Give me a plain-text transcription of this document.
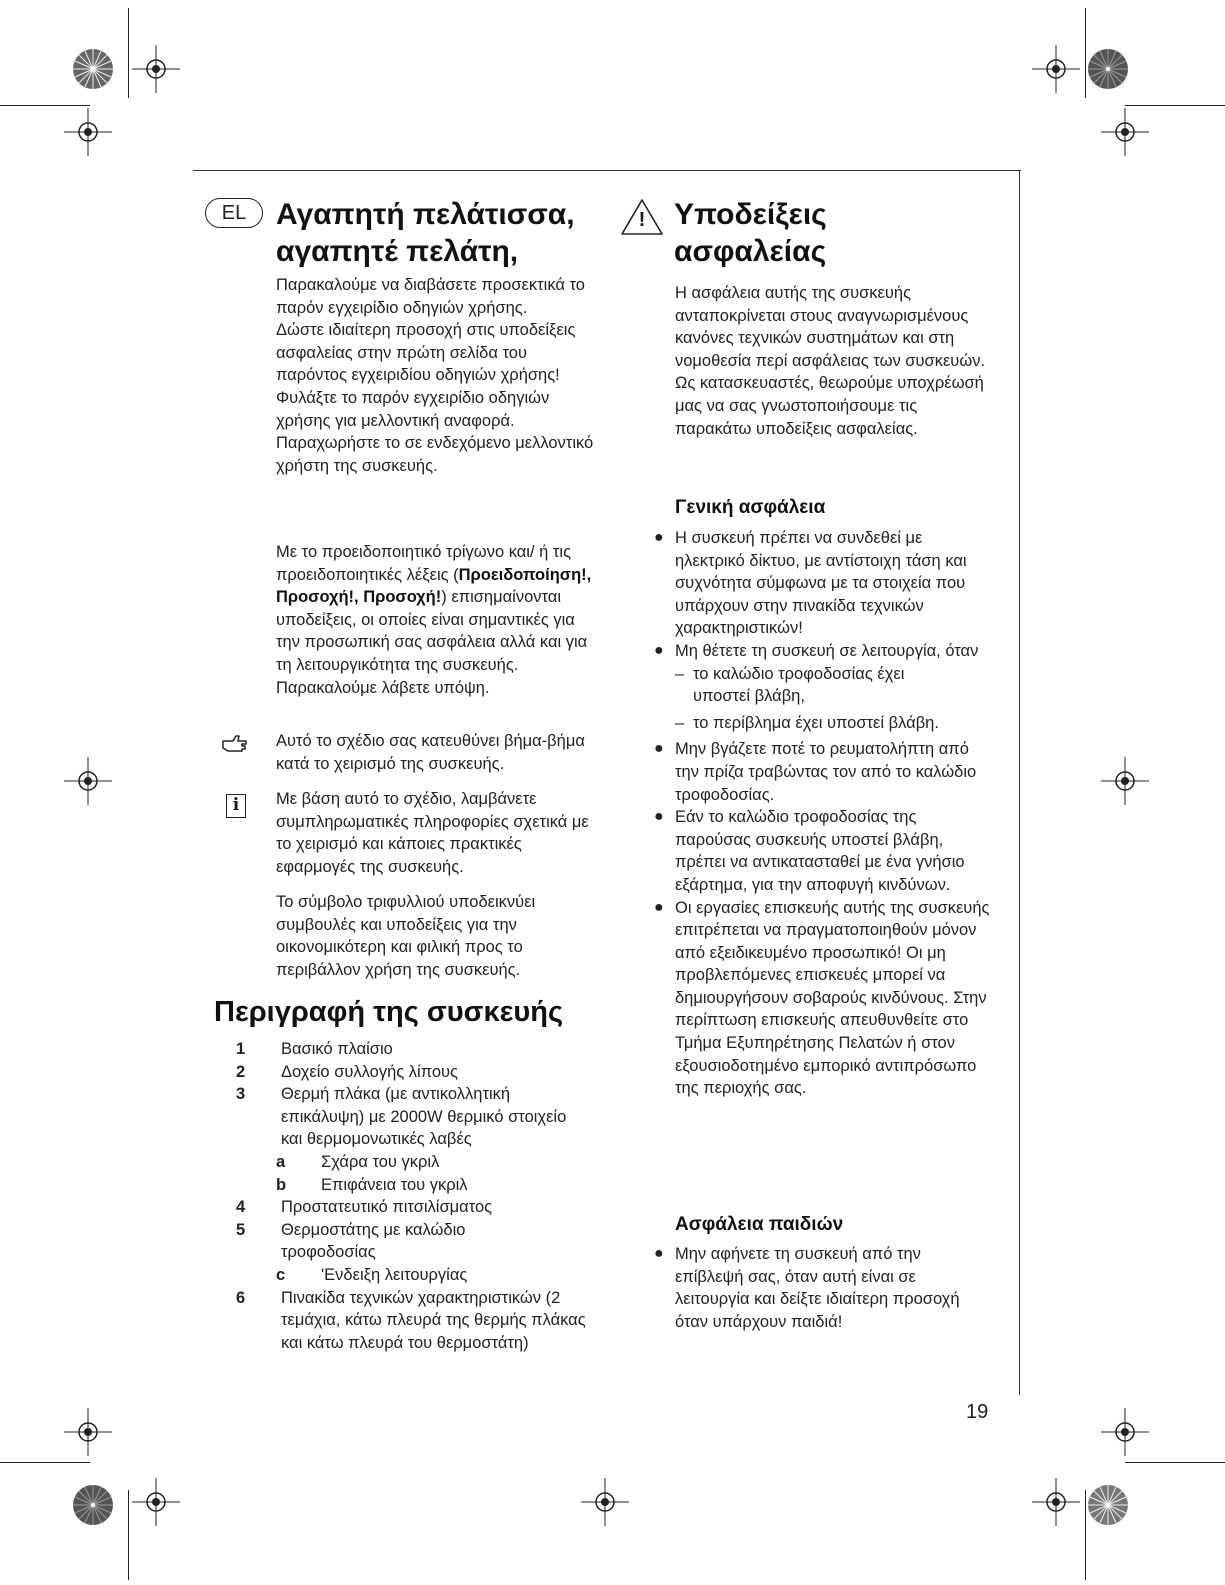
EL Αγαπητή πελάτισσα,
αγαπητέ πελάτη,

Παρακαλούμε να διαβάσετε προσεκτικά το παρόν εγχειρίδιο οδηγιών χρήσης.

Δώστε ιδιαίτερη προσοχή στις υποδείξεις ασφαλείας στην πρώτη σελίδα του παρόντος εγχειριδίου οδηγιών χρήσης! Φυλάξτε το παρόν εγχειρίδιο οδηγιών χρήσης για μελλοντική αναφορά. Παραχωρήστε το σε ενδεχόμενο μελλοντικό χρήστη της συσκευής.

Με το προειδοποιητικό τρίγωνο και/ ή τις προειδοποιητικές λέξεις (Προειδοποίηση!, Προσοχή!, Προσοχή!) επισημαίνονται υποδείξεις, οι οποίες είναι σημαντικές για την προσωπική σας ασφάλεια αλλά και για τη λειτουργικότητα της συσκευής. Παρακαλούμε λάβετε υπόψη.

Αυτό το σχέδιο σας κατευθύνει βήμα-βήμα κατά το χειρισμό της συσκευής.
i	Με βάση αυτό το σχέδιο, λαμβάνετε συμπληρωματικές πληροφορίες σχετικά με το χειρισμό και κάποιες πρακτικές εφαρμογές της συσκευής.
Το σύμβολο τριφυλλιού υποδεικνύει συμβουλές και υποδείξεις για την οικονομικότερη και φιλική προς το περιβάλλον χρήση της συσκευής.
Περιγραφή της συσκευής
1	Βασικό πλαίσιο
2	Δοχείο συλλογής λίπους
3	Θερμή πλάκα (με αντικολλητική επικάλυψη) με 2000W θερμικό στοιχείο και θερμομονωτικές λαβές
a	Σχάρα του γκριλ
b	Επιφάνεια του γκριλ
4	Προστατευτικό πιτσιλίσματος
5	Θερμοστάτης με καλώδιο τροφοδοσίας
c	'Ενδειξη λειτουργίας
6	Πινακίδα τεχνικών χαρακτηριστικών (2 τεμάχια, κάτω πλευρά της θερμής πλάκας και κάτω πλευρά του θερμοστάτη)
! Υποδείξεις
ασφαλείας
Η ασφάλεια αυτής της συσκευής ανταποκρίνεται στους αναγνωρισμένους κανόνες τεχνικών συστημάτων και στη νομοθεσία περί ασφάλειας των συσκευών. Ως κατασκευαστές, θεωρούμε υποχρέωσή μας να σας γνωστοποιήσουμε τις παρακάτω υποδείξεις ασφαλείας.
Γενική ασφάλεια
● Η συσκευή πρέπει να συνδεθεί με ηλεκτρικό δίκτυο, με αντίστοιχη τάση και συχνότητα σύμφωνα με τα στοιχεία που υπάρχουν στην πινακίδα τεχνικών χαρακτηριστικών!
● Μη θέτετε τη συσκευή σε λειτουργία, όταν
– το καλώδιο τροφοδοσίας έχει υποστεί βλάβη,
– το περίβλημα έχει υποστεί βλάβη.
● Μην βγάζετε ποτέ το ρευματολήπτη από την πρίζα τραβώντας τον από το καλώδιο τροφοδοσίας.
● Εάν το καλώδιο τροφοδοσίας της παρούσας συσκευής υποστεί βλάβη, πρέπει να αντικατασταθεί με ένα γνήσιο εξάρτημα, για την αποφυγή κινδύνων.
● Οι εργασίες επισκευής αυτής της συσκευής επιτρέπεται να πραγματοποιηθούν μόνον από εξειδικευμένο προσωπικό! Οι μη προβλεπόμενες επισκευές μπορεί να δημιουργήσουν σοβαρούς κινδύνους. Στην περίπτωση επισκευής απευθυνθείτε στο Τμήμα Εξυπηρέτησης Πελατών ή στον εξουσιοδοτημένο εμπορικό αντιπρόσωπο της περιοχής σας.
Ασφάλεια παιδιών
● Μην αφήνετε τη συσκευή από την επίβλεψή σας, όταν αυτή είναι σε λειτουργία και δείξτε ιδιαίτερη προσοχή όταν υπάρχουν παιδιά!
19
